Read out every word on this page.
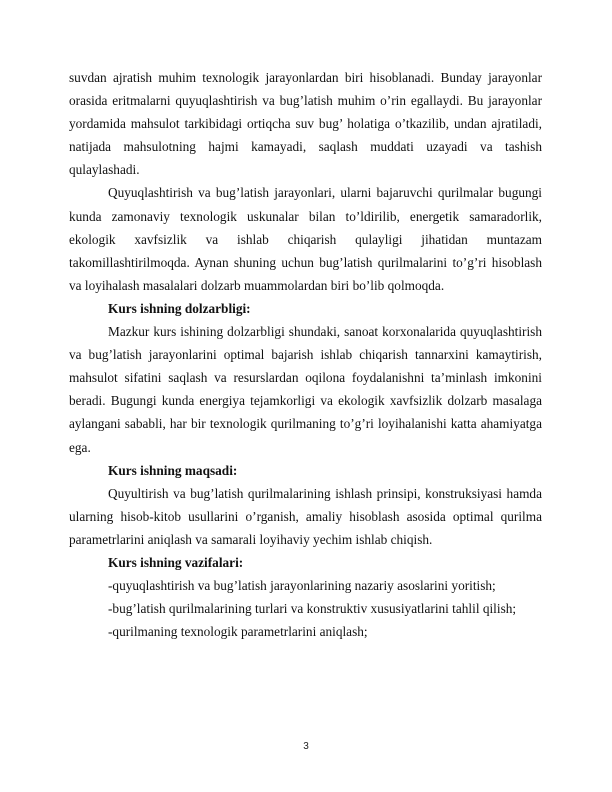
suvdan ajratish muhim texnologik jarayonlardan biri hisoblanadi. Bunday jarayonlar orasida eritmalarni quyuqlashtirish va bug’latish muhim o’rin egallaydi. Bu jarayonlar yordamida mahsulot tarkibidagi ortiqcha suv bug’ holatiga o’tkazilib, undan ajratiladi, natijada mahsulotning hajmi kamayadi, saqlash muddati uzayadi va tashish qulaylashadi.

Quyuqlashtirish va bug’latish jarayonlari, ularni bajaruvchi qurilmalar bugungi kunda zamonaviy texnologik uskunalar bilan to’ldirilib, energetik samaradorlik, ekologik xavfsizlik va ishlab chiqarish qulayligi jihatidan muntazam takomillashtirilmoqda. Aynan shuning uchun bug’latish qurilmalarini to’g’ri hisoblash va loyihalash masalalari dolzarb muammolardan biri bo’lib qolmoqda.

Kurs ishning dolzarbligi:

Mazkur kurs ishining dolzarbligi shundaki, sanoat korxonalarida quyuqlashtirish va bug’latish jarayonlarini optimal bajarish ishlab chiqarish tannarxini kamaytirish, mahsulot sifatini saqlash va resurslardan oqilona foydalanishni ta’minlash imkonini beradi. Bugungi kunda energiya tejamkorligi va ekologik xavfsizlik dolzarb masalaga aylangani sababli, har bir texnologik qurilmaning to’g’ri loyihalanishi katta ahamiyatga ega.

Kurs ishning maqsadi:

Quyultirish va bug’latish qurilmalarining ishlash prinsipi, konstruksiyasi hamda ularning hisob-kitob usullarini o’rganish, amaliy hisoblash asosida optimal qurilma parametrlarini aniqlash va samarali loyihaviy yechim ishlab chiqish.

Kurs ishning vazifalari:

-quyuqlashtirish va bug’latish jarayonlarining nazariy asoslarini yoritish;

-bug’latish qurilmalarining turlari va konstruktiv xususiyatlarini tahlil qilish;

-qurilmaning texnologik parametrlarini aniqlash;

3
